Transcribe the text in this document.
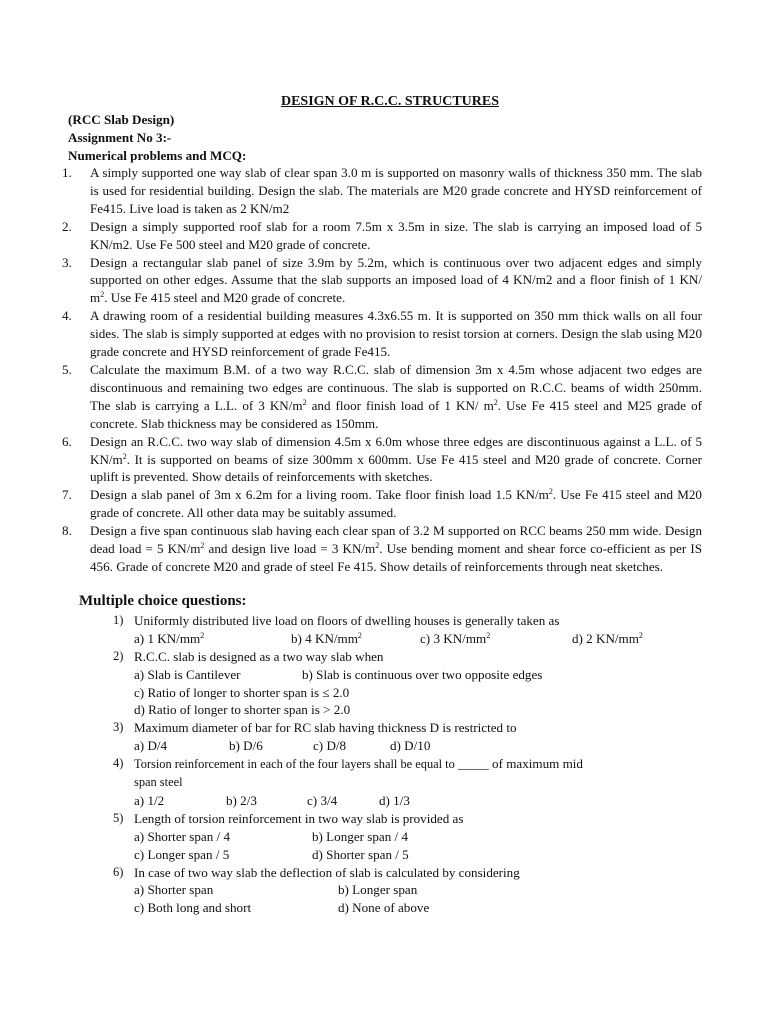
DESIGN OF R.C.C. STRUCTURES
(RCC Slab Design)
Assignment No 3:-
Numerical problems and MCQ:
1. A simply supported one way slab of clear span 3.0 m is supported on masonry walls of thickness 350 mm. The slab is used for residential building. Design the slab. The materials are M20 grade concrete and HYSD reinforcement of Fe415. Live load is taken as 2 KN/m2
2. Design a simply supported roof slab for a room 7.5m x 3.5m in size. The slab is carrying an imposed load of 5 KN/m2. Use Fe 500 steel and M20 grade of concrete.
3. Design a rectangular slab panel of size 3.9m by 5.2m, which is continuous over two adjacent edges and simply supported on other edges. Assume that the slab supports an imposed load of 4 KN/m2 and a floor finish of 1 KN/ $m^2$. Use Fe 415 steel and M20 grade of concrete.
4. A drawing room of a residential building measures 4.3x6.55 m. It is supported on 350 mm thick walls on all four sides. The slab is simply supported at edges with no provision to resist torsion at corners. Design the slab using M20 grade concrete and HYSD reinforcement of grade Fe415.
5. Calculate the maximum B.M. of a two way R.C.C. slab of dimension 3m x 4.5m whose adjacent two edges are discontinuous and remaining two edges are continuous. The slab is supported on R.C.C. beams of width 250mm. The slab is carrying a L.L. of 3 $KN/m^2$ and floor finish load of 1 KN/ $m^2$. Use Fe 415 steel and M25 grade of concrete. Slab thickness may be considered as 150mm.
6. Design an R.C.C. two way slab of dimension 4.5m x 6.0m whose three edges are discontinuous against a L.L. of 5 $KN/m^2$. It is supported on beams of size 300mm x 600mm. Use Fe 415 steel and M20 grade of concrete. Corner uplift is prevented. Show details of reinforcements with sketches.
7. Design a slab panel of 3m x 6.2m for a living room. Take floor finish load 1.5 $KN/m^2$. Use Fe 415 steel and M20 grade of concrete. All other data may be suitably assumed.
8. Design a five span continuous slab having each clear span of 3.2 M supported on RCC beams 250 mm wide. Design dead load = 5 $KN/m^2$ and design live load = 3 $KN/m^2$. Use bending moment and shear force co-efficient as per IS 456. Grade of concrete M20 and grade of steel Fe 415. Show details of reinforcements through neat sketches.
Multiple choice questions:
1) Uniformly distributed live load on floors of dwelling houses is generally taken as
a) 1 $KN/mm^2$	b) 4 $KN/mm^2$	c) 3 $KN/mm^2$	d) 2 $KN/mm^2$
2) R.C.C. slab is designed as a two way slab when
a) Slab is Cantilever	b) Slab is continuous over two opposite edges
c) Ratio of longer to shorter span is ≤ 2.0
d) Ratio of longer to shorter span is > 2.0
3) Maximum diameter of bar for RC slab having thickness D is restricted to
a) D/4	b) D/6	c) D/8	d) D/10
4) Torsion reinforcement in each of the four layers shall be equal to _____ of maximum mid
span steel
a) 1/2	b) 2/3	c) 3/4	d) 1/3
5) Length of torsion reinforcement in two way slab is provided as
a) Shorter span / 4	b) Longer span / 4
c) Longer span / 5	d) Shorter span / 5
6) In case of two way slab the deflection of slab is calculated by considering
a) Shorter span	b) Longer span
c) Both long and short	d) None of above
